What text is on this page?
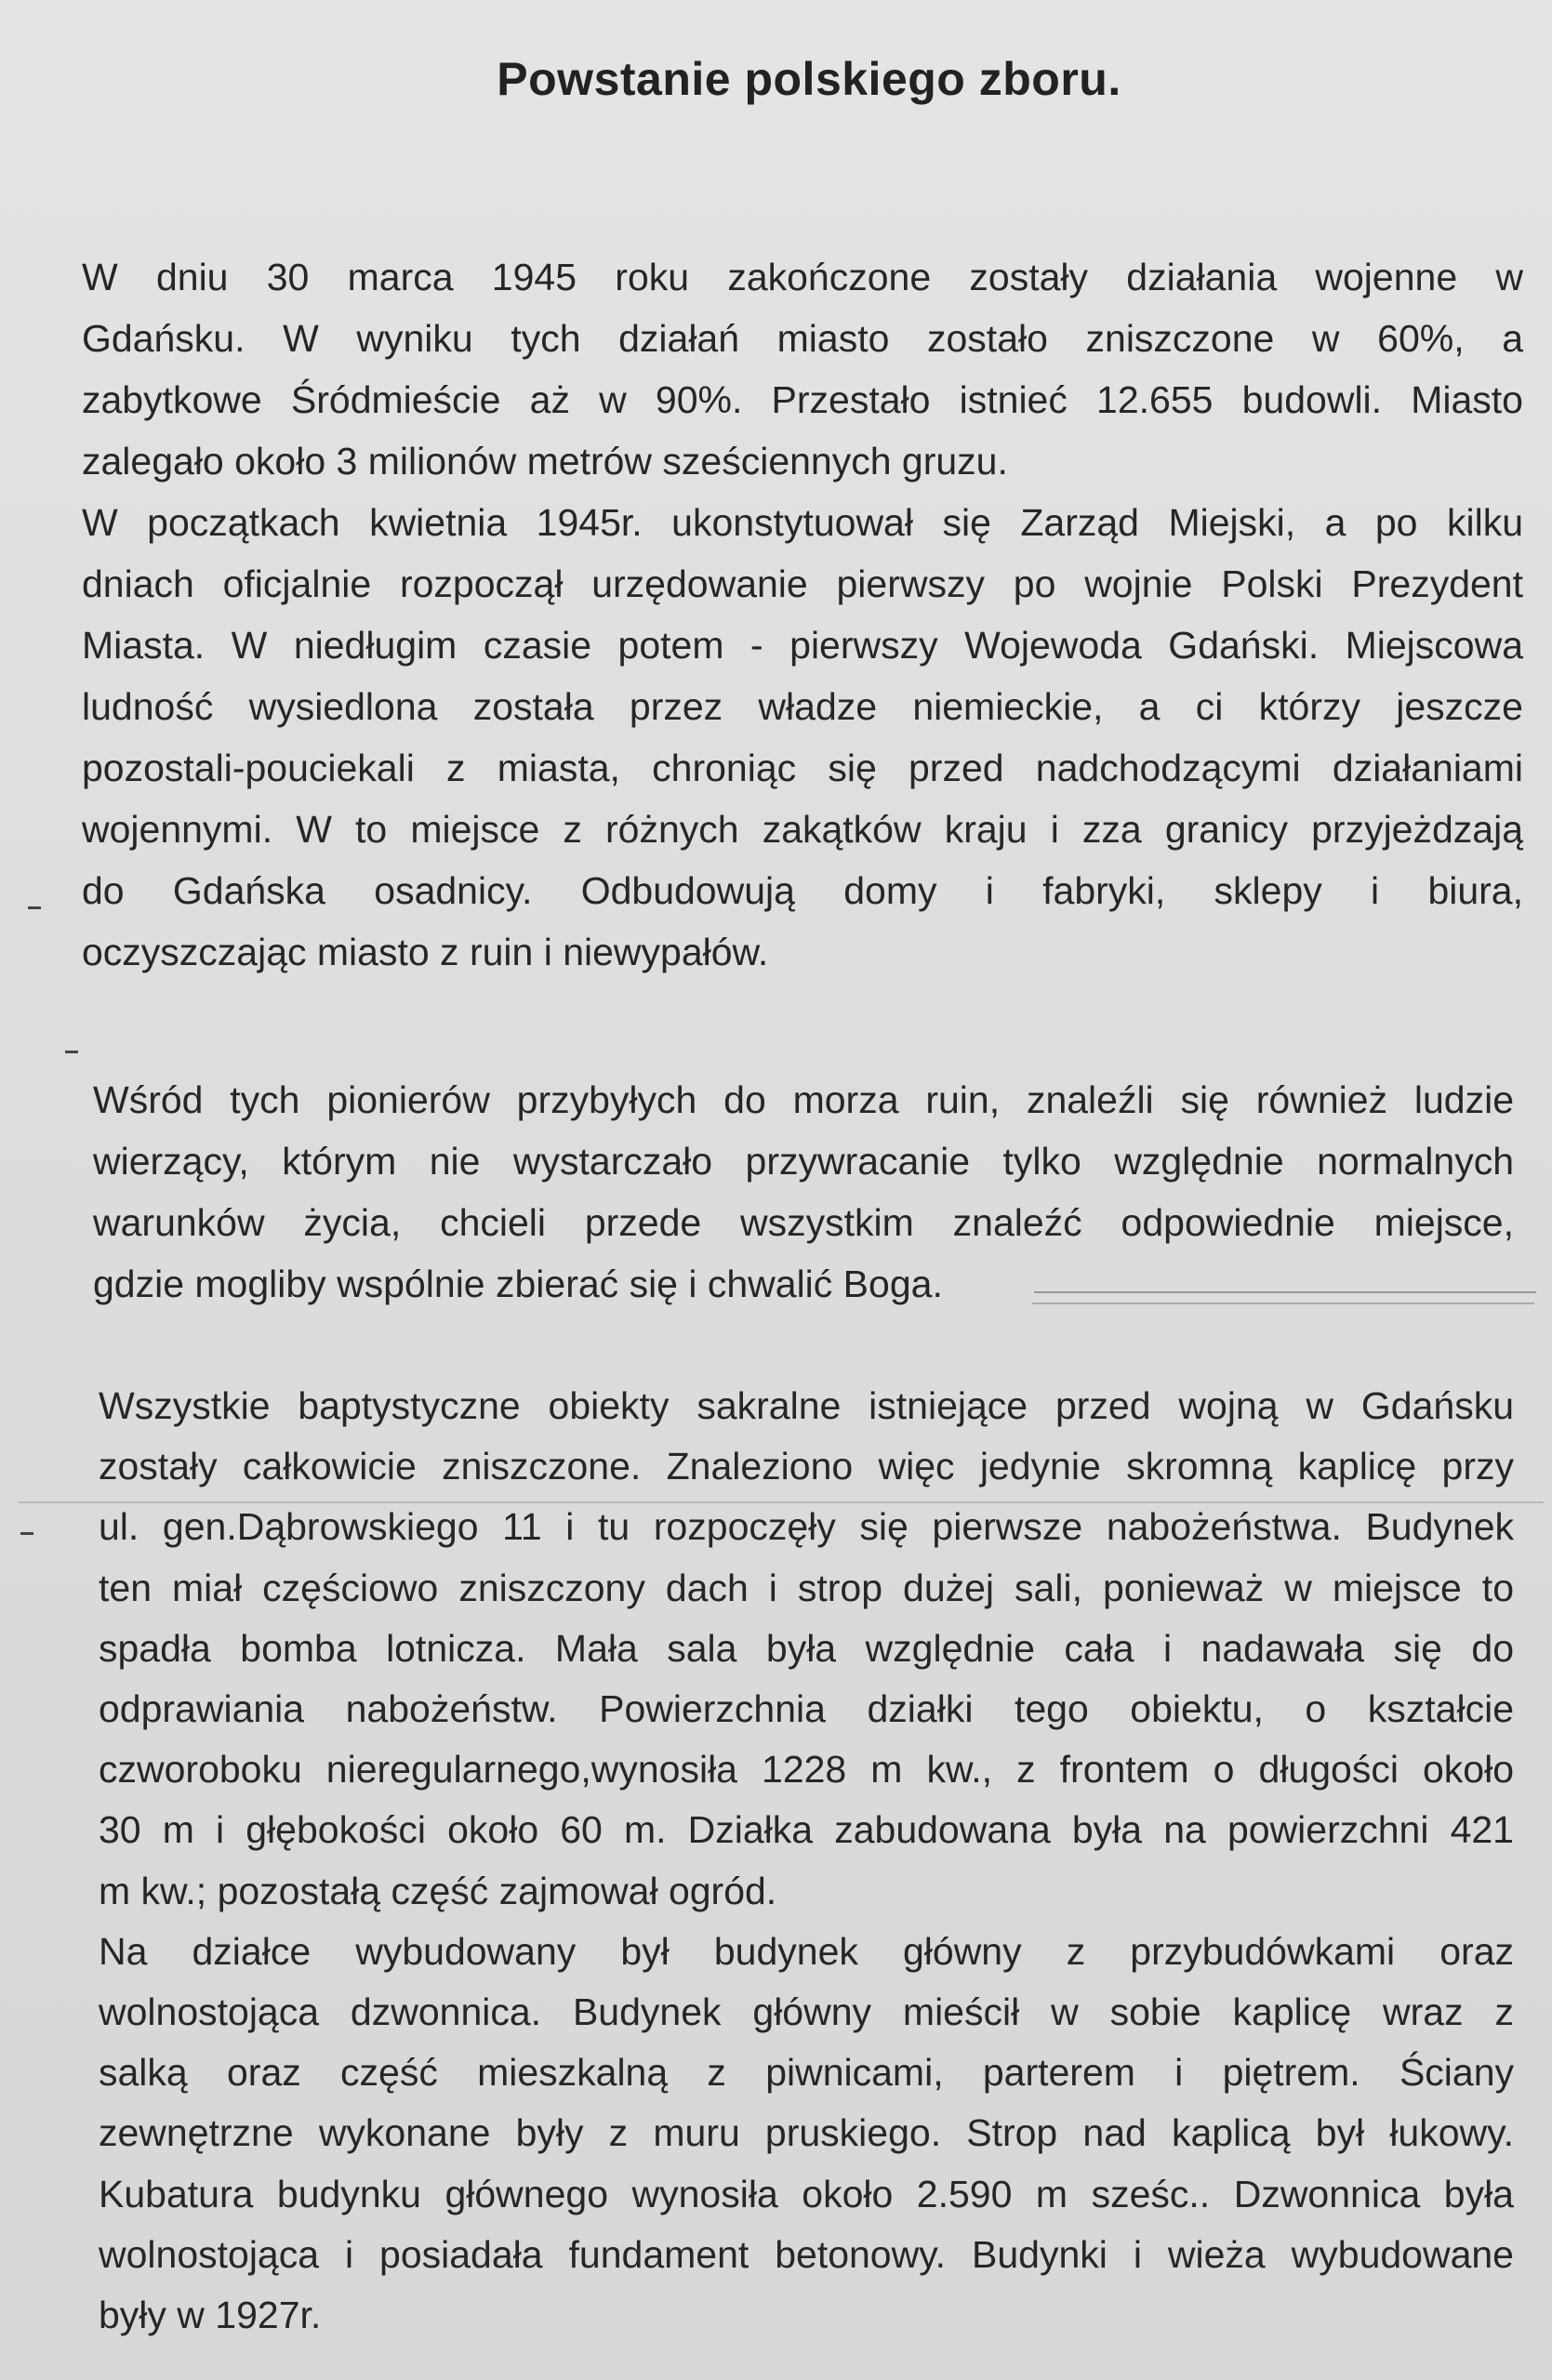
Powstanie polskiego zboru.
W dniu 30 marca 1945 roku zakończone zostały działania wojenne w
Gdańsku. W wyniku tych działań miasto zostało zniszczone w 60%, a
zabytkowe Śródmieście aż w 90%. Przestało istnieć 12.655 budowli. Miasto
zalegało około 3 milionów metrów sześciennych gruzu.
W początkach kwietnia 1945r. ukonstytuował się Zarząd Miejski, a po kilku
dniach oficjalnie rozpoczął urzędowanie pierwszy po wojnie Polski Prezydent
Miasta. W niedługim czasie potem - pierwszy Wojewoda Gdański. Miejscowa
ludność wysiedlona została przez władze niemieckie, a ci którzy jeszcze
pozostali-pouciekali z miasta, chroniąc się przed nadchodzącymi działaniami
wojennymi. W to miejsce z różnych zakątków kraju i zza granicy przyjeżdzają
do Gdańska osadnicy. Odbudowują domy i fabryki, sklepy i biura,
oczyszczając miasto z ruin i niewypałów.
Wśród tych pionierów przybyłych do morza ruin, znaleźli się również ludzie
wierzący, którym nie wystarczało przywracanie tylko względnie normalnych
warunków życia, chcieli przede wszystkim znaleźć odpowiednie miejsce,
gdzie mogliby wspólnie zbierać się i chwalić Boga.
Wszystkie baptystyczne obiekty sakralne istniejące przed wojną w Gdańsku
zostały całkowicie zniszczone. Znaleziono więc jedynie skromną kaplicę przy
ul. gen.Dąbrowskiego 11 i tu rozpoczęły się pierwsze nabożeństwa. Budynek
ten miał częściowo zniszczony dach i strop dużej sali, ponieważ w miejsce to
spadła bomba lotnicza. Mała sala była względnie cała i nadawała się do
odprawiania nabożeństw. Powierzchnia działki tego obiektu, o kształcie
czworoboku nieregularnego,wynosiła 1228 m kw., z frontem o długości około
30 m i głębokości około 60 m. Działka zabudowana była na powierzchni 421
m kw.; pozostałą część zajmował ogród.
Na działce wybudowany był budynek główny z przybudówkami oraz
wolnostojąca dzwonnica. Budynek główny mieścił w sobie kaplicę wraz z
salką oraz część mieszkalną z piwnicami, parterem i piętrem. Ściany
zewnętrzne wykonane były z muru pruskiego. Strop nad kaplicą był łukowy.
Kubatura budynku głównego wynosiła około 2.590 m sześc.. Dzwonnica była
wolnostojąca i posiadała fundament betonowy. Budynki i wieża wybudowane
były w 1927r.
